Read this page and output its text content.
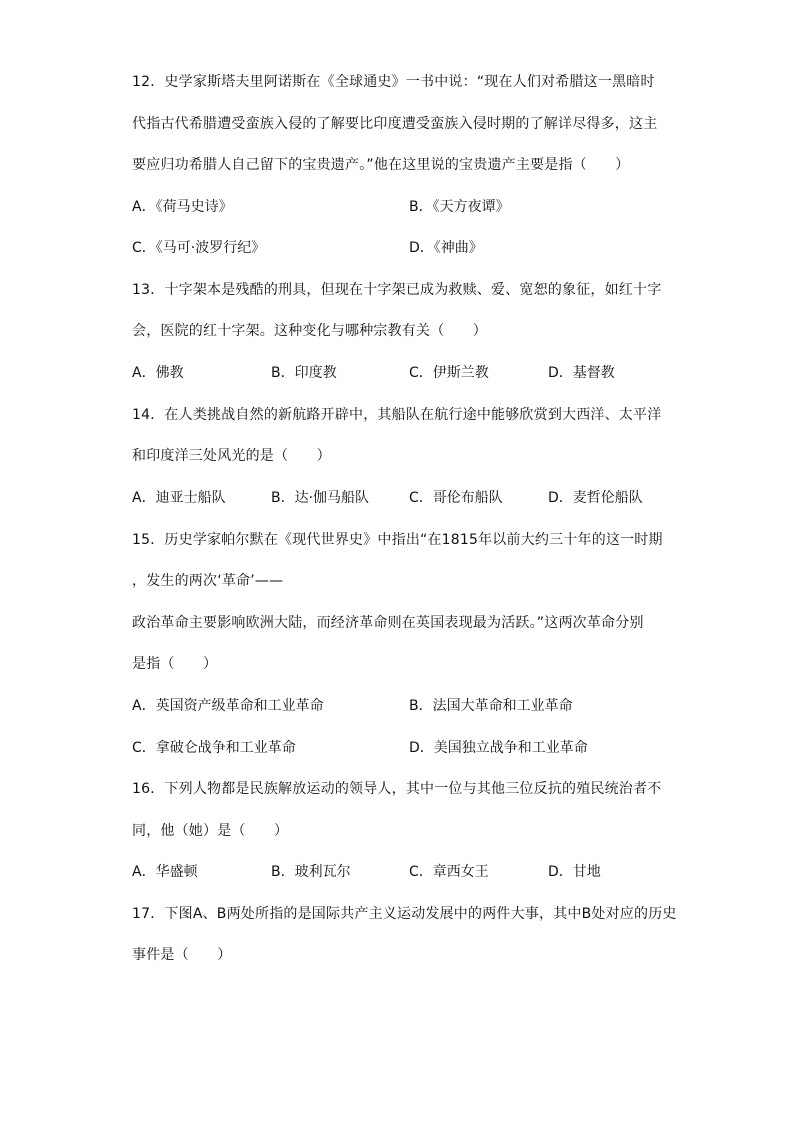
12．史学家斯塔夫里阿诺斯在《全球通史》一书中说：“现在人们对希腊这一黑暗时
代指古代希腊遭受蛮族入侵的了解要比印度遭受蛮族入侵时期的了解详尽得多，这主
要应归功希腊人自己留下的宝贵遗产。”他在这里说的宝贵遗产主要是指（　　）
A．《荷马史诗》	B．《天方夜谭》
C．《马可·波罗行纪》	D．《神曲》
13．十字架本是残酷的刑具，但现在十字架已成为救赎、爱、宽恕的象征，如红十字
会，医院的红十字架。这种变化与哪种宗教有关（　　）
A．佛教	B．印度教	C．伊斯兰教	D．基督教
14．在人类挑战自然的新航路开辟中，其船队在航行途中能够欣赏到大西洋、太平洋
和印度洋三处风光的是（　　）
A．迪亚士船队	B．达·伽马船队	C．哥伦布船队	D．麦哲伦船队
15．历史学家帕尔默在《现代世界史》中指出“在1815年以前大约三十年的这一时期
，发生的两次‘革命’——
政治革命主要影响欧洲大陆，而经济革命则在英国表现最为活跃。”这两次革命分别
是指（　　）
A．英国资产级革命和工业革命	B．法国大革命和工业革命
C．拿破仑战争和工业革命	D．美国独立战争和工业革命
16．下列人物都是民族解放运动的领导人，其中一位与其他三位反抗的殖民统治者不
同，他（她）是（　　）
A．华盛顿	B．玻利瓦尔	C．章西女王	D．甘地
17．下图A、B两处所指的是国际共产主义运动发展中的两件大事，其中B处对应的历史
事件是（　　）
